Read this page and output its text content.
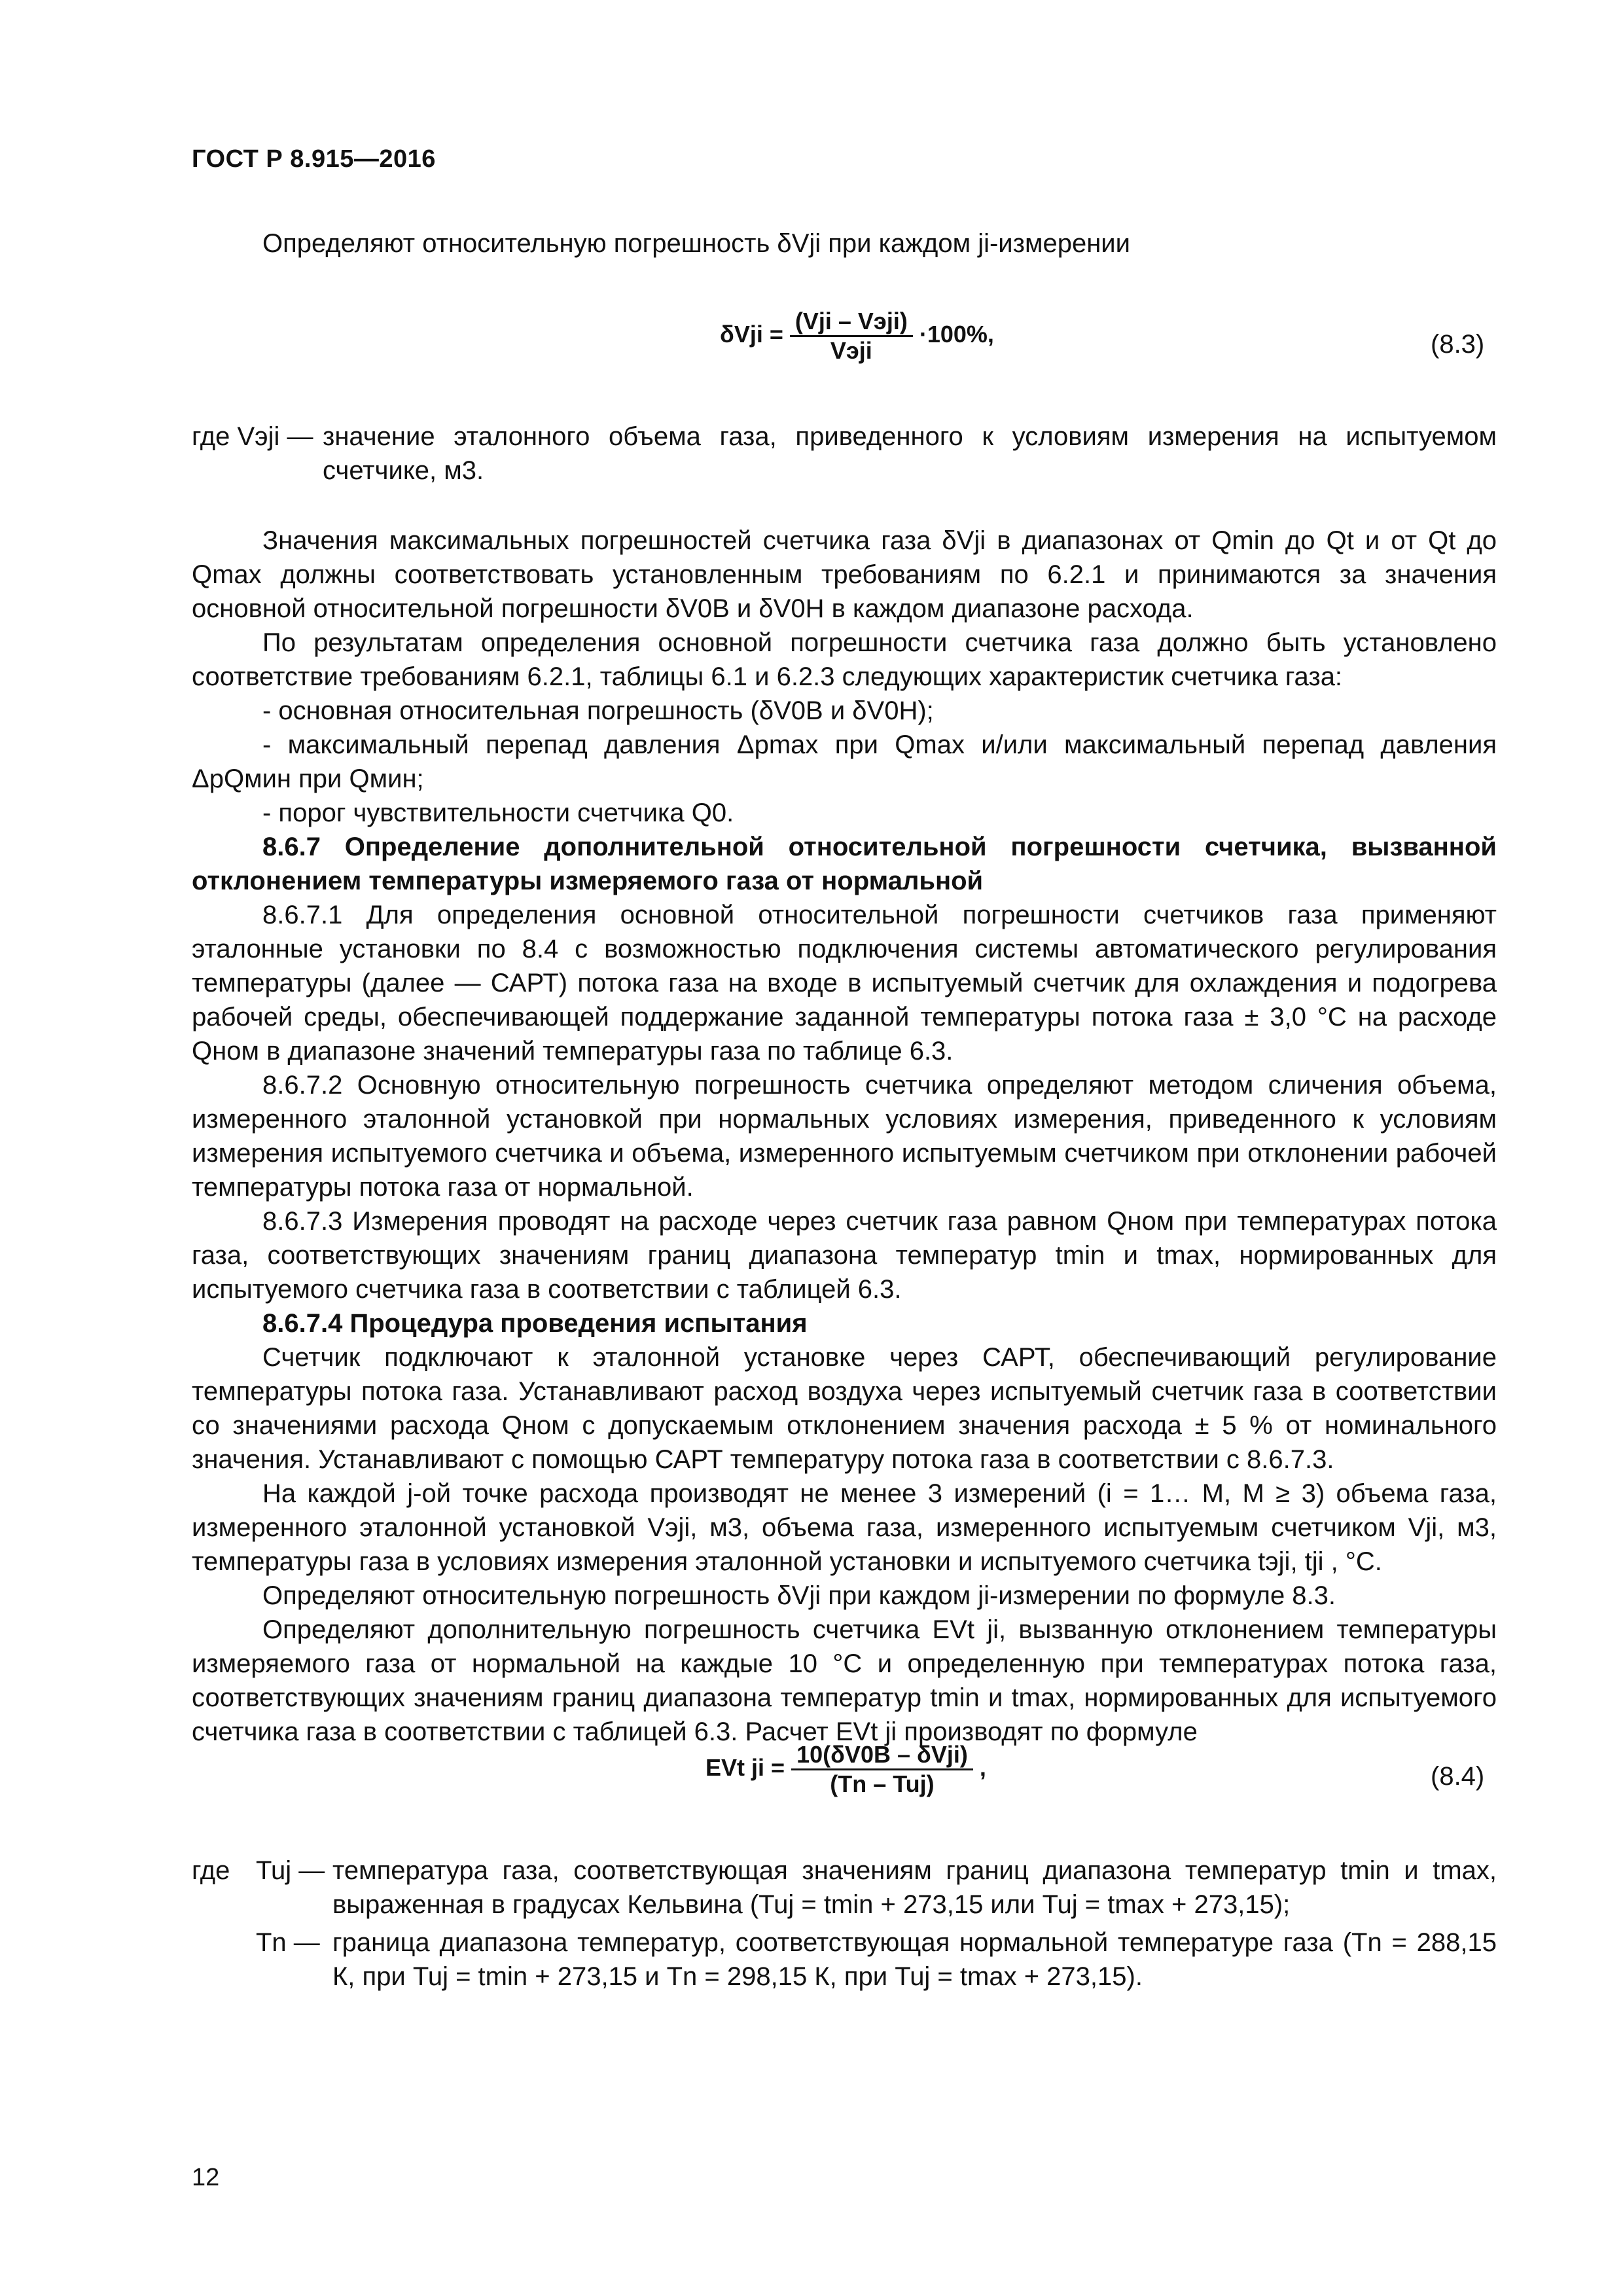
ГОСТ Р 8.915—2016
Определяют относительную погрешность δVji при каждом ji-измерении
$\delta Vji = \frac{\text{(Vji – Vэji)}}{\text{Vэji}} \cdot 100\%$,	(8.3)
где Vэji — значение эталонного объема газа, приведенного к условиям измерения на испытуемом счетчике, м3.

Значения максимальных погрешностей счетчика газа δVji в диапазонах от Qmin до Qt и от Qt до Qmax должны соответствовать установленным требованиям по 6.2.1 и принимаются за значения основной относительной погрешности δV0B и δV0H в каждом диапазоне расхода.

По результатам определения основной погрешности счетчика газа должно быть установлено соответствие требованиям 6.2.1, таблицы 6.1 и 6.2.3 следующих характеристик счетчика газа:

- основная относительная погрешность (δV0B и δV0H);

- максимальный перепад давления Δpmax при Qmax и/или максимальный перепад давления ΔpQмин при Qмин;

- порог чувствительности счетчика Q0.

8.6.7 Определение дополнительной относительной погрешности счетчика, вызванной отклонением температуры измеряемого газа от нормальной

8.6.7.1 Для определения основной относительной погрешности счетчиков газа применяют эталонные установки по 8.4 с возможностью подключения системы автоматического регулирования температуры (далее — САРТ) потока газа на входе в испытуемый счетчик для охлаждения и подогрева рабочей среды, обеспечивающей поддержание заданной температуры потока газа ± 3,0 °С на расходе Qном в диапазоне значений температуры газа по таблице 6.3.

8.6.7.2 Основную относительную погрешность счетчика определяют методом сличения объема, измеренного эталонной установкой при нормальных условиях измерения, приведенного к условиям измерения испытуемого счетчика и объема, измеренного испытуемым счетчиком при отклонении рабочей температуры потока газа от нормальной.

8.6.7.3 Измерения проводят на расходе через счетчик газа равном Qном при температурах потока газа, соответствующих значениям границ диапазона температур tmin и tmax, нормированных для испытуемого счетчика газа в соответствии с таблицей 6.3.

8.6.7.4 Процедура проведения испытания

Счетчик подключают к эталонной установке через САРТ, обеспечивающий регулирование температуры потока газа. Устанавливают расход воздуха через испытуемый счетчик газа в соответствии со значениями расхода Qном с допускаемым отклонением значения расхода ± 5 % от номинального значения. Устанавливают с помощью САРТ температуру потока газа в соответствии с 8.6.7.3.

На каждой j-ой точке расхода производят не менее 3 измерений (i = 1… M, M ≥ 3) объема газа, измеренного эталонной установкой Vэji, м3, объема газа, измеренного испытуемым счетчиком Vji, м3, температуры газа в условиях измерения эталонной установки и испытуемого счетчика tэji, tji , °С.

Определяют относительную погрешность δVji при каждом ji-измерении по формуле 8.3.

Определяют дополнительную погрешность счетчика EVt ji, вызванную отклонением температуры измеряемого газа от нормальной на каждые 10 °С и определенную при температурах потока газа, соответствующих значениям границ диапазона температур tmin и tmax, нормированных для испытуемого счетчика газа в соответствии с таблицей 6.3. Расчет EVt ji производят по формуле

EVt ji = $\frac{\text{10(δV0B – δVji)}}{\text{(Tn – Tuj)}}$ ,	(8.4)
где Tuj — температура газа, соответствующая значениям границ диапазона температур tmin и tmax, выраженная в градусах Кельвина (Tuj = tmin + 273,15 или Tuj = tmax + 273,15);
Tn — граница диапазона температур, соответствующая нормальной температуре газа (Tn = 288,15 К, при Tuj = tmin + 273,15 и Tn = 298,15 К, при Tuj = tmax + 273,15).
12
